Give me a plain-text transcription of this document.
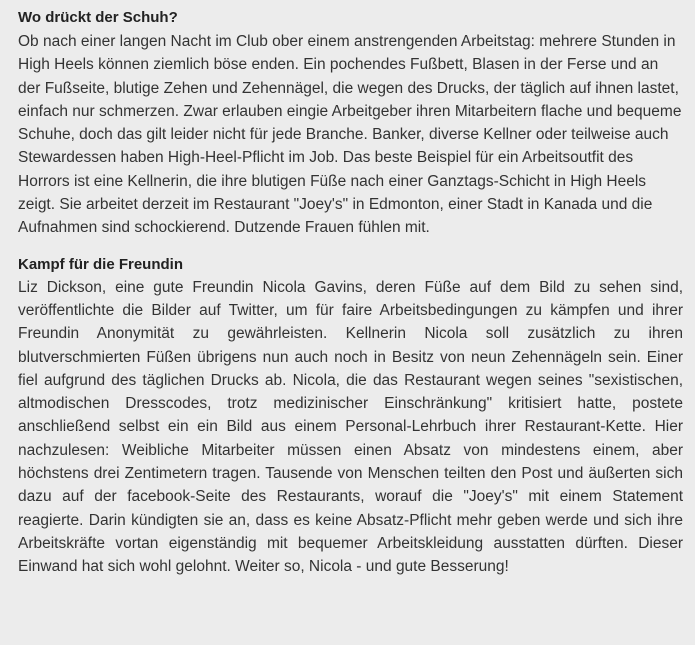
Wo drückt der Schuh?

Ob nach einer langen Nacht im Club ober einem anstrengenden Arbeitstag: mehrere Stunden in High Heels können ziemlich böse enden. Ein pochendes Fußbett, Blasen in der Ferse und an der Fußseite, blutige Zehen und Zehennägel, die wegen des Drucks, der täglich auf ihnen lastet, einfach nur schmerzen. Zwar erlauben eingie Arbeitgeber ihren Mitarbeitern flache und bequeme Schuhe, doch das gilt leider nicht für jede Branche. Banker, diverse Kellner oder teilweise auch Stewardessen haben High-Heel-Pflicht im Job. Das beste Beispiel für ein Arbeitsoutfit des Horrors ist eine Kellnerin, die ihre blutigen Füße nach einer Ganztags-Schicht in High Heels zeigt. Sie arbeitet derzeit im Restaurant "Joey's" in Edmonton, einer Stadt in Kanada und die Aufnahmen sind schockierend. Dutzende Frauen fühlen mit.

Kampf für die Freundin

Liz Dickson, eine gute Freundin Nicola Gavins, deren Füße auf dem Bild zu sehen sind, veröffentlichte die Bilder auf Twitter, um für faire Arbeitsbedingungen zu kämpfen und ihrer Freundin Anonymität zu gewährleisten. Kellnerin Nicola soll zusätzlich zu ihren blutverschmierten Füßen übrigens nun auch noch in Besitz von neun Zehennägeln sein. Einer fiel aufgrund des täglichen Drucks ab. Nicola, die das Restaurant wegen seines "sexistischen, altmodischen Dresscodes, trotz medizinischer Einschränkung" kritisiert hatte, postete anschließend selbst ein ein Bild aus einem Personal-Lehrbuch ihrer Restaurant-Kette. Hier nachzulesen: Weibliche Mitarbeiter müssen einen Absatz von mindestens einem, aber höchstens drei Zentimetern tragen. Tausende von Menschen teilten den Post und äußerten sich dazu auf der facebook-Seite des Restaurants, worauf die "Joey's" mit einem Statement reagierte. Darin kündigten sie an, dass es keine Absatz-Pflicht mehr geben werde und sich ihre Arbeitskräfte vortan eigenständig mit bequemer Arbeitskleidung ausstatten dürften. Dieser Einwand hat sich wohl gelohnt. Weiter so, Nicola - und gute Besserung!
